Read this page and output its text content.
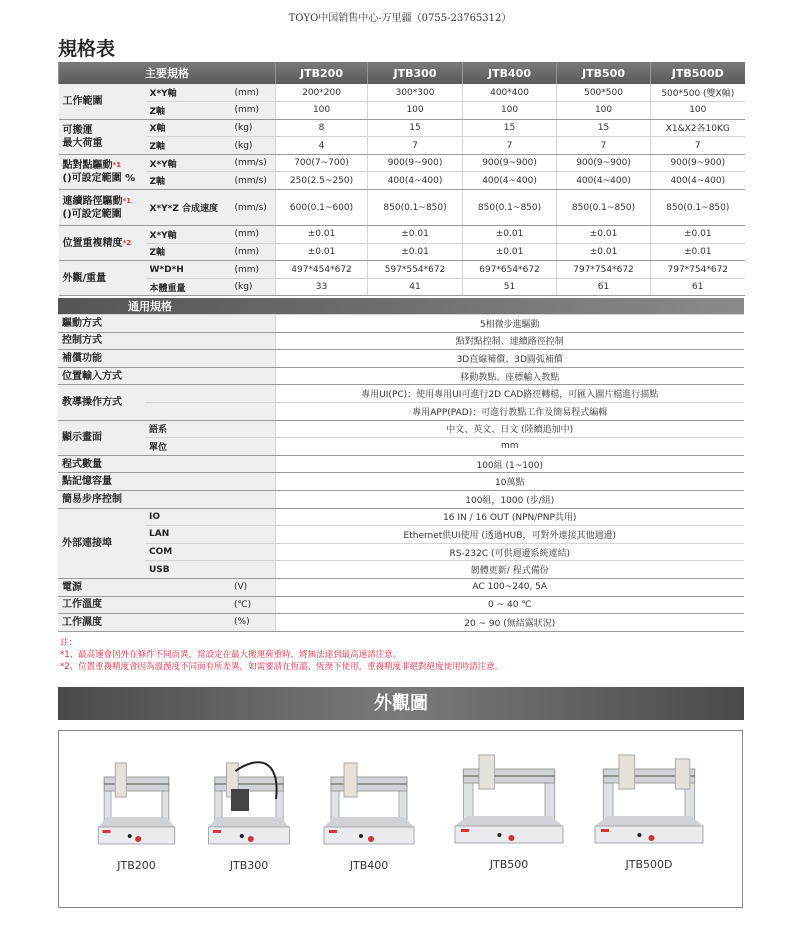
TOYO中国销售中心-万里疆（0755-23765312）
規格表
主要規格			JTB200	JTB300	JTB400	JTB500	JTB500D

工作範圍	X*Y軸	(mm)	200*200	300*300	400*400	500*500	500*500 (雙X軸)
	Z軸	(mm)	100	100	100	100	100

可搬運
最大荷重	X軸	(kg)	8	15	15	15	X1&X2各10KG
	Z軸	(kg)	4	7	7	7	7

點對點驅動$^{*1}$
()可設定範圍 %	X*Y軸	(mm/s)	700(7~700)	900(9~900)	900(9~900)	900(9~900)	900(9~900)
	Z軸	(mm/s)	250(2.5~250)	400(4~400)	400(4~400)	400(4~400)	400(4~400)

連續路徑驅動$^{*1}$
()可設定範圍	X*Y*Z 合成速度	(mm/s)	600(0.1~600)	850(0.1~850)	850(0.1~850)	850(0.1~850)	850(0.1~850)

位置重複精度$^{*2}$	X*Y軸	(mm)	±0.01	±0.01	±0.01	±0.01	±0.01
	Z軸	(mm)	±0.01	±0.01	±0.01	±0.01	±0.01

外觀/重量	W*D*H	(mm)	497*454*672	597*554*672	697*654*672	797*754*672	797*754*672
	本體重量	(kg)	33	41	51	61	61
通用規格			
驅動方式			5相微步進驅動
控制方式			點對點控制、連續路徑控制
補償功能			3D直線補償、3D圓弧補償
位置輸入方式			移動教點、座標輸入教點
教導操作方式			專用UI(PC)；使用專用UI可進行2D CAD路徑轉檔，可匯入圖片檔進行描點
			專用APP(PAD)；可進行教點工作及簡易程式編輯
顯示畫面	語系		中文、英文、日文 (陸續追加中)
	單位		mm
程式數量			100組 (1~100)
點記憶容量			10萬點
簡易步序控制			100組，1000 (步/組)
外部連接埠	IO		16 IN / 16 OUT (NPN/PNP共用)
	LAN		Ethernet供UI使用 (透過HUB，可對外連接其他週邊)
	COM		RS-232C (可供週邊系統連結)
	USB		韌體更新/ 程式備份
電源		(V)	AC 100~240, 5A
工作溫度		(℃)	0 ~ 40 ℃
工作濕度		(%)	20 ~ 90 (無結露狀況)
註：
*1、最高速會因外在條件不同而異，當設定在最大搬運荷重時，將無法達到最高速請注意。
*2、位置重複精度會因為溫溼度不同而有所差異，如需要請在恆溫、恆溼下使用，重複精度非絕對絕度使用時請注意。
外觀圖
JTB200	JTB300	JTB400	JTB500	JTB500D
